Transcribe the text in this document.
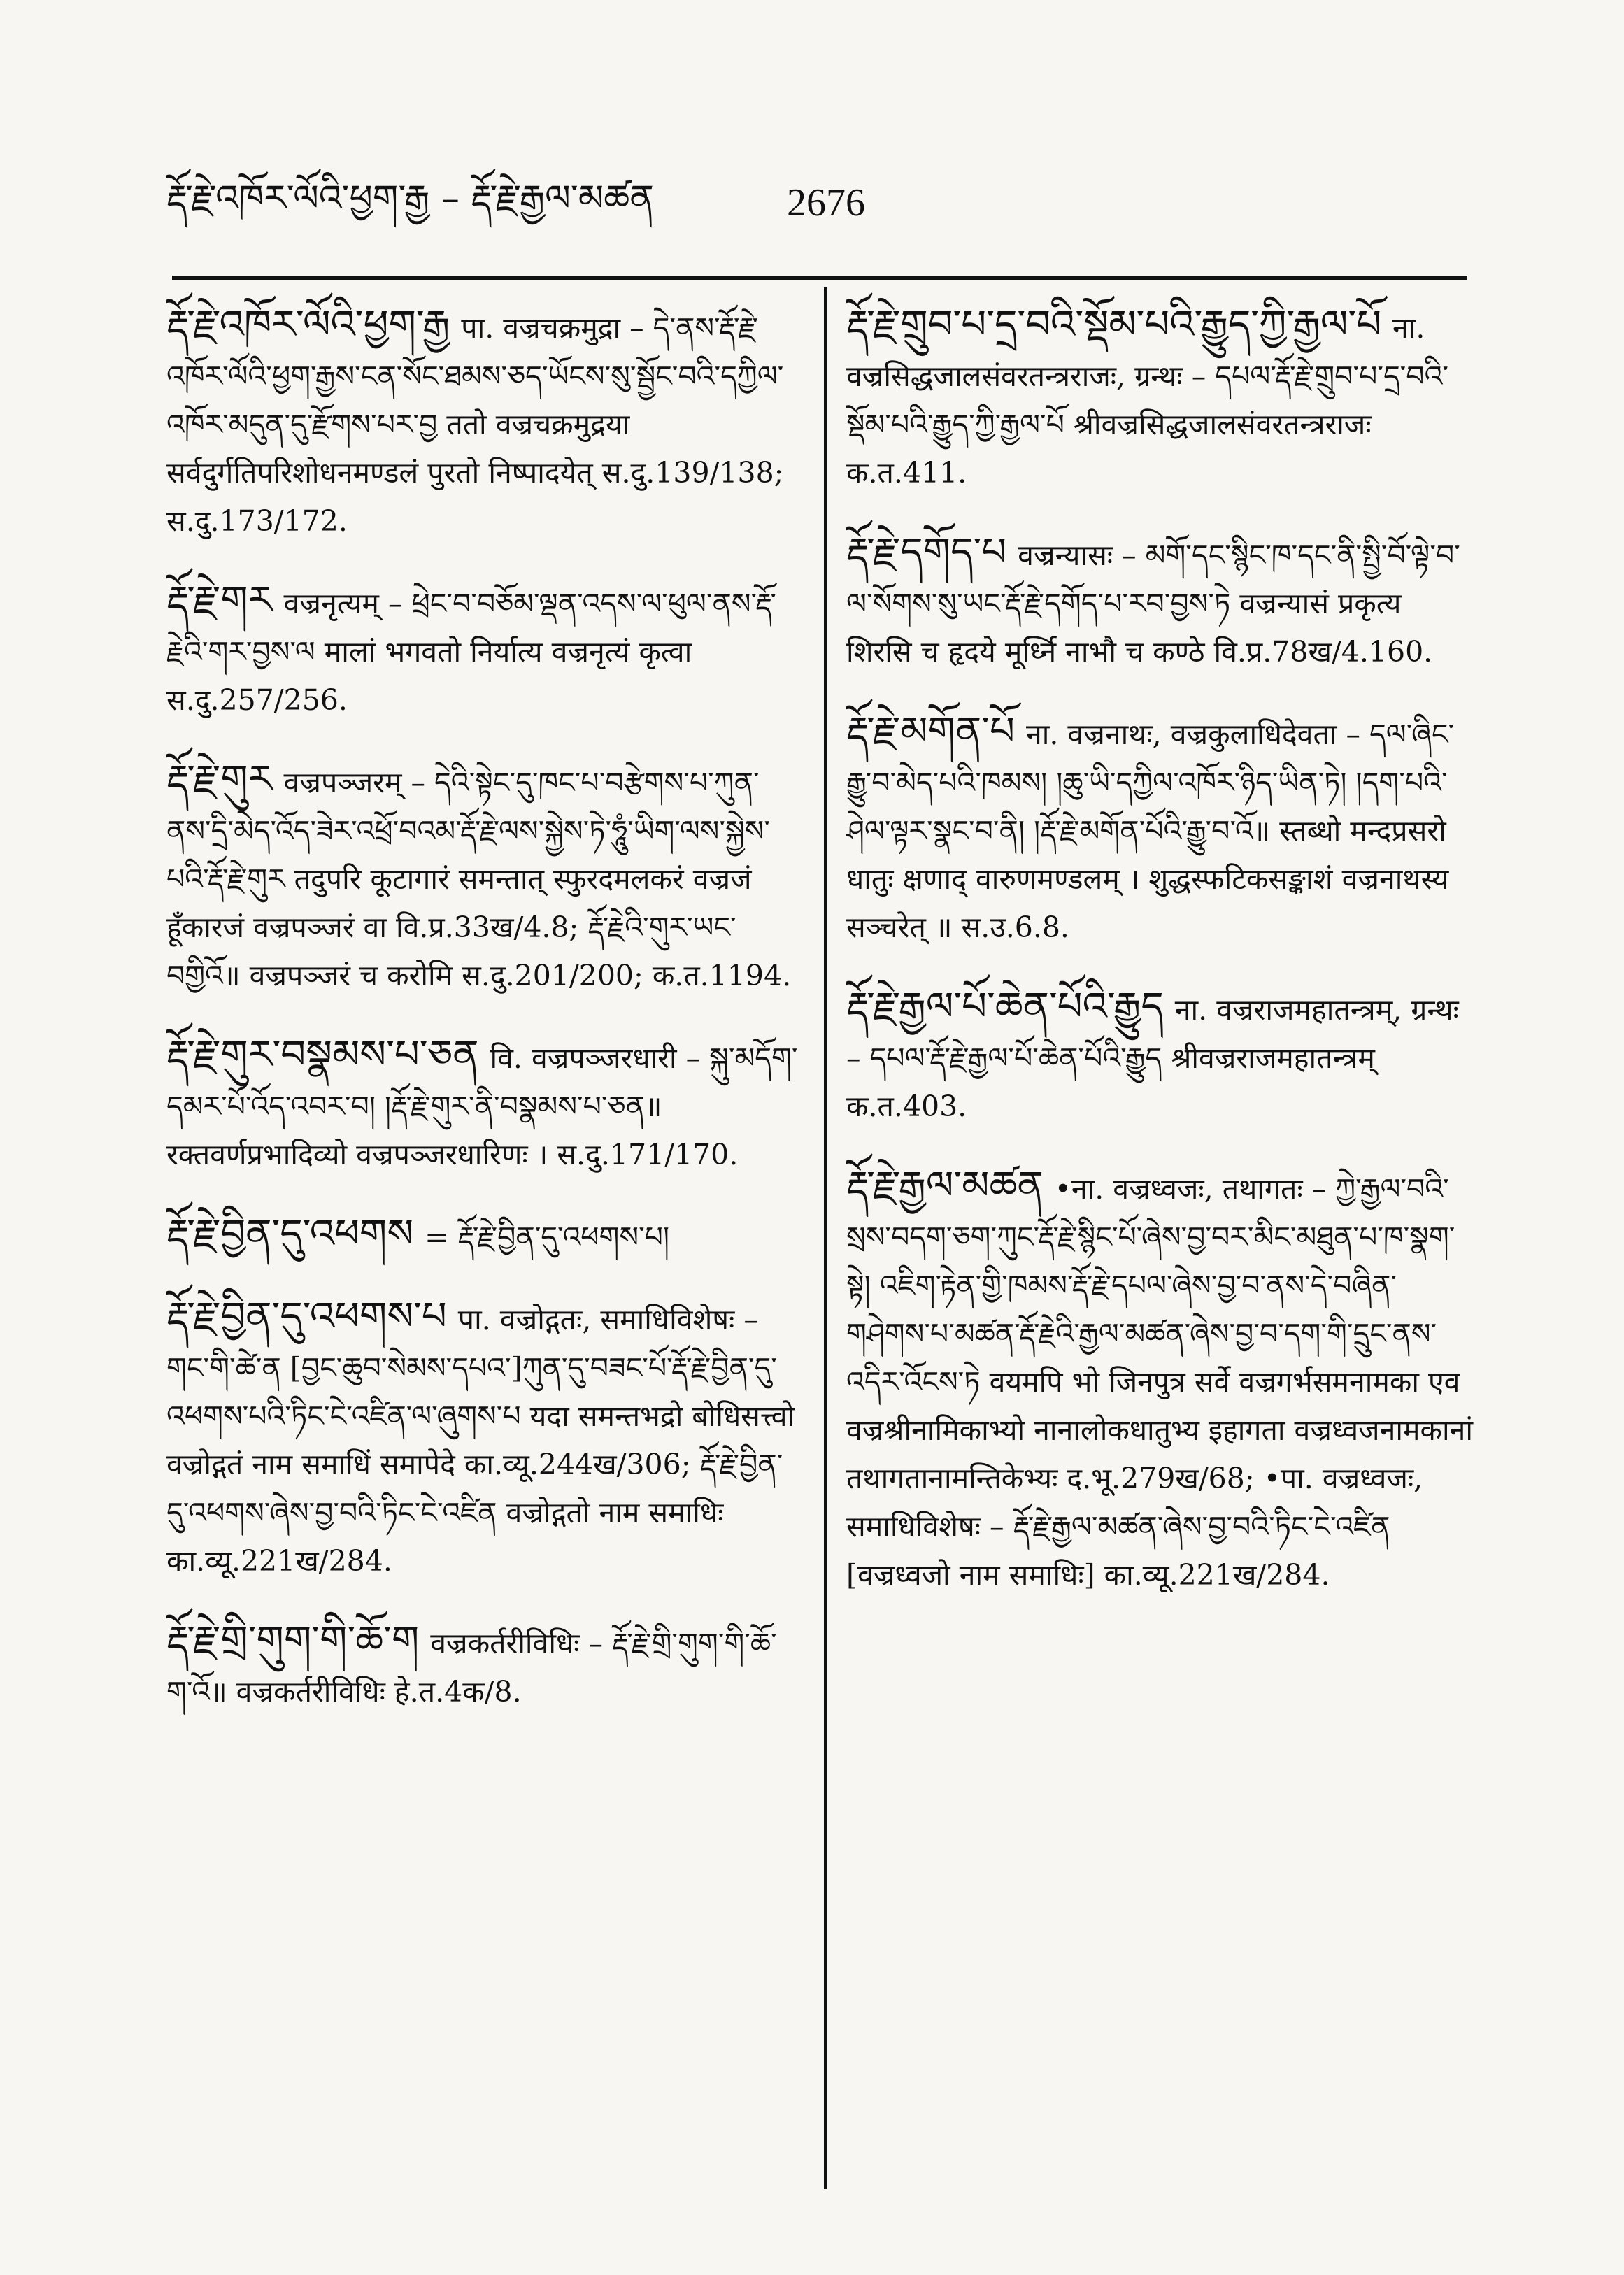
རྡོ་རྗེ་འཁོར་ལོའི་ཕྱག་རྒྱ – རྡོ་རྗེ་རྒྱལ་མཚན	2676

རྡོ་རྗེ་འཁོར་ལོའི་ཕྱག་རྒྱ पा. वज्रचक्रमुद्रा – དེ་ནས་རྡོ་རྗེ་འཁོར་ལོའི་ཕྱག་རྒྱས་ངན་སོང་ཐམས་ཅད་ཡོངས་སུ་སྦྱོང་བའི་དཀྱིལ་འཁོར་མདུན་དུ་རྫོགས་པར་བྱ ततो वज्रचक्रमुद्रया सर्वदुर्गतिपरिशोधनमण्डलं पुरतो निष्पादयेत् स.दु.139/138; स.दु.173/172.

རྡོ་རྗེ་གར वज्रनृत्यम् – ཕྲེང་བ་བཅོམ་ལྡན་འདས་ལ་ཕུལ་ནས་རྡོ་རྗེའི་གར་བྱས་ལ मालां भगवतो निर्यात्य वज्रनृत्यं कृत्वा स.दु.257/256.

རྡོ་རྗེ་གུར वज्रपञ्जरम् – དེའི་སྟེང་དུ་ཁང་པ་བརྩེགས་པ་ཀུན་ནས་དྲི་མེད་འོད་ཟེར་འཕྲོ་བའམ་རྡོ་རྗེ་ལས་སྐྱེས་ཏེ་ཧཱུཾ་ཡིག་ལས་སྐྱེས་པའི་རྡོ་རྗེ་གུར तदुपरि कूटागारं समन्तात् स्फुरदमलकरं वज्रजं हूँकारजं वज्रपञ्जरं वा वि.प्र.33ख/4.8; རྡོ་རྗེའི་གུར་ཡང་བགྱིའོ॥ वज्रपञ्जरं च करोमि स.दु.201/200; क.त.1194.

རྡོ་རྗེ་གུར་བསྣམས་པ་ཅན वि. वज्रपञ्जरधारी – སྐུ་མདོག་དམར་པོ་འོད་འབར་བ། །རྡོ་རྗེ་གུར་ནི་བསྣམས་པ་ཅན॥ रक्तवर्णप्रभादिव्यो वज्रपञ्जरधारिणः । स.दु.171/170.

རྡོ་རྗེ་བྱིན་དུ་འཕགས = རྡོ་རྗེ་བྱིན་དུ་འཕགས་པ།

རྡོ་རྗེ་བྱིན་དུ་འཕགས་པ पा. वज्रोद्गतः, समाधिविशेषः – གང་གི་ཚེ་ན [བྱང་ཆུབ་སེམས་དཔའ་]ཀུན་དུ་བཟང་པོ་རྡོ་རྗེ་བྱིན་དུ་འཕགས་པའི་ཏིང་ངེ་འཛིན་ལ་ཞུགས་པ यदा समन्तभद्रो बोधिसत्त्वो वज्रोद्गतं नाम समाधिं समापेदे का.व्यू.244ख/306; རྡོ་རྗེ་བྱིན་དུ་འཕགས་ཞེས་བྱ་བའི་ཏིང་ངེ་འཛིན वज्रोद्गतो नाम समाधिः का.व्यू.221ख/284.

རྡོ་རྗེ་གྲི་གུག་གི་ཆོ་ག वज्रकर्तरीविधिः – རྡོ་རྗེ་གྲི་གུག་གི་ཆོ་ག་འོ॥ वज्रकर्तरीविधिः हे.त.4क/8.

རྡོ་རྗེ་གྲུབ་པ་དྲ་བའི་སྡོམ་པའི་རྒྱུད་ཀྱི་རྒྱལ་པོ ना. वज्रसिद्धजालसंवरतन्त्रराजः, ग्रन्थः – དཔལ་རྡོ་རྗེ་གྲུབ་པ་དྲ་བའི་སྡོམ་པའི་རྒྱུད་ཀྱི་རྒྱལ་པོ श्रीवज्रसिद्धजालसंवरतन्त्रराजः क.त.411.

རྡོ་རྗེ་དགོད་པ वज्रन्यासः – མགོ་དང་སྙིང་ཁ་དང་ནི་སྤྱི་བོ་ལྟེ་བ་ལ་སོགས་སུ་ཡང་རྡོ་རྗེ་དགོད་པ་རབ་བྱས་ཏེ वज्रन्यासं प्रकृत्य शिरसि च हृदये मूर्ध्नि नाभौ च कण्ठे वि.प्र.78ख/4.160.

རྡོ་རྗེ་མགོན་པོ ना. वज्रनाथः, वज्रकुलाधिदेवता – དལ་ཞིང་རྒྱུ་བ་མེད་པའི་ཁམས། །ཆུ་ཡི་དཀྱིལ་འཁོར་ཉིད་ཡིན་ཏེ། །དག་པའི་ཤེལ་ལྟར་སྣང་བ་ནི། །རྡོ་རྗེ་མགོན་པོའི་རྒྱུ་བ་འོ॥ स्तब्धो मन्दप्रसरो धातुः क्षणाद् वारुणमण्डलम् । शुद्धस्फटिकसङ्काशं वज्रनाथस्य सञ्चरेत् ॥ स.उ.6.8.

རྡོ་རྗེ་རྒྱལ་པོ་ཆེན་པོའི་རྒྱུད ना. वज्रराजमहातन्त्रम्, ग्रन्थः – དཔལ་རྡོ་རྗེ་རྒྱལ་པོ་ཆེན་པོའི་རྒྱུད श्रीवज्रराजमहातन्त्रम् क.त.403.

རྡོ་རྗེ་རྒྱལ་མཚན •ना. वज्रध्वजः, तथागतः – ཀྱེ་རྒྱལ་བའི་སྲས་བདག་ཅག་ཀུང་རྡོ་རྗེ་སྙིང་པོ་ཞེས་བྱ་བར་མིང་མཐུན་པ་ཁ་སྣག་སྟེ། འཇིག་རྟེན་གྱི་ཁམས་རྡོ་རྗེ་དཔལ་ཞེས་བྱ་བ་ནས་དེ་བཞིན་གཤེགས་པ་མཚན་རྡོ་རྗེའི་རྒྱལ་མཚན་ཞེས་བྱ་བ་དག་གི་དྲུང་ནས་འདིར་འོངས་ཏེ वयमपि भो जिनपुत्र सर्वे वज्रगर्भसमनामका एव वज्रश्रीनामिकाभ्यो नानालोकधातुभ्य इहागता वज्रध्वजनामकानां तथागतानामन्तिकेभ्यः द.भू.279ख/68; •पा. वज्रध्वजः, समाधिविशेषः – རྡོ་རྗེ་རྒྱལ་མཚན་ཞེས་བྱ་བའི་ཏིང་ངེ་འཛིན [वज्रध्वजो नाम समाधिः] का.व्यू.221ख/284.
